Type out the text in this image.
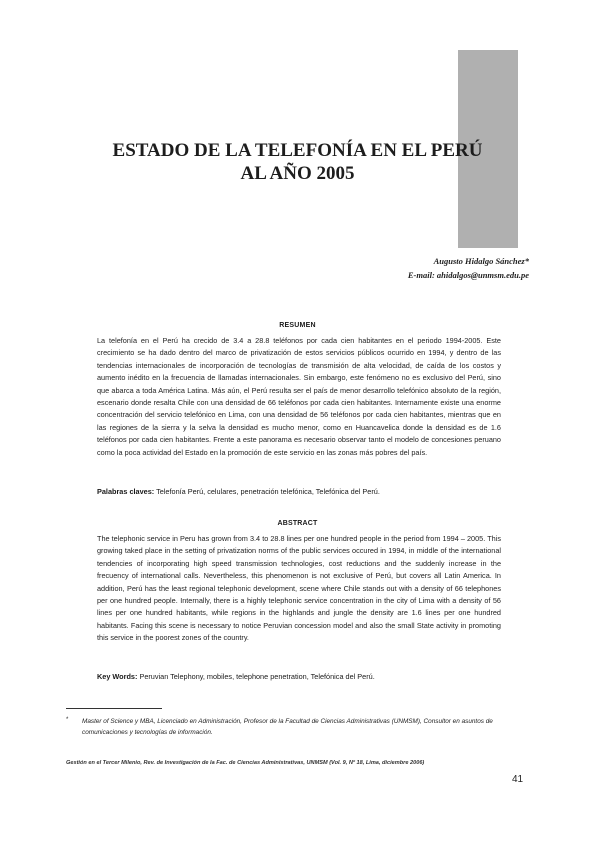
ESTADO DE LA TELEFONÍA EN EL PERÚ
AL AÑO 2005
Augusto Hidalgo Sánchez*
E-mail: ahidalgos@unmsm.edu.pe
RESUMEN

La telefonía en el Perú ha crecido de 3.4 a 28.8 teléfonos por cada cien habitantes en el periodo 1994-2005. Este crecimiento se ha dado dentro del marco de privatización de estos servicios públicos ocurrido en 1994, y dentro de las tendencias internacionales de incorporación de tecnologías de transmisión de alta velocidad, de caída de los costos y aumento inédito en la frecuencia de llamadas internacionales. Sin embargo, este fenómeno no es exclusivo del Perú, sino que abarca a toda América Latina. Más aún, el Perú resulta ser el país de menor desarrollo telefónico absoluto de la región, escenario donde resalta Chile con una densidad de 66 teléfonos por cada cien habitantes. Internamente existe una enorme concentración del servicio telefónico en Lima, con una densidad de 56 teléfonos por cada cien habitantes, mientras que en las regiones de la sierra y la selva la densidad es mucho menor, como en Huancavelica donde la densidad es de 1.6 teléfonos por cada cien habitantes. Frente a este panorama es necesario observar tanto el modelo de concesiones peruano como la poca actividad del Estado en la promoción de este servicio en las zonas más pobres del país.

Palabras claves: Telefonía Perú, celulares, penetración telefónica, Telefónica del Perú.
ABSTRACT

The telephonic service in Peru has grown from 3.4 to 28.8 lines per one hundred people in the period from 1994 – 2005. This growing taked place in the setting of privatization norms of the public services occured in 1994, in middle of the international tendencies of incorporating high speed transmission technologies, cost reductions and the suddenly increase in the frecuency of international calls. Nevertheless, this phenomenon is not exclusive of Perú, but covers all Latin America. In addition, Perú has the least regional telephonic development, scene where Chile stands out with a density of 66 telephones per one hundred people. Internally, there is a highly telephonic service concentration in the city of Lima with a density of 56 lines per one hundred habitants, while regions in the highlands and jungle the density are 1.6 lines per one hundred habitants. Facing this scene is necessary to notice Peruvian concession model and also the small State activity in promoting this service in the poorest zones of the country.

Key Words: Peruvian Telephony, mobiles, telephone penetration, Telefónica del Perú.
* Master of Science y MBA, Licenciado en Administración, Profesor de la Facultad de Ciencias Administrativas (UNMSM), Consultor en asuntos de comunicaciones y tecnologías de información.
Gestión en el Tercer Milenio, Rev. de Investigación de la Fac. de Ciencias Administrativas, UNMSM (Vol. 9, Nº 18, Lima, diciembre 2006)
41
